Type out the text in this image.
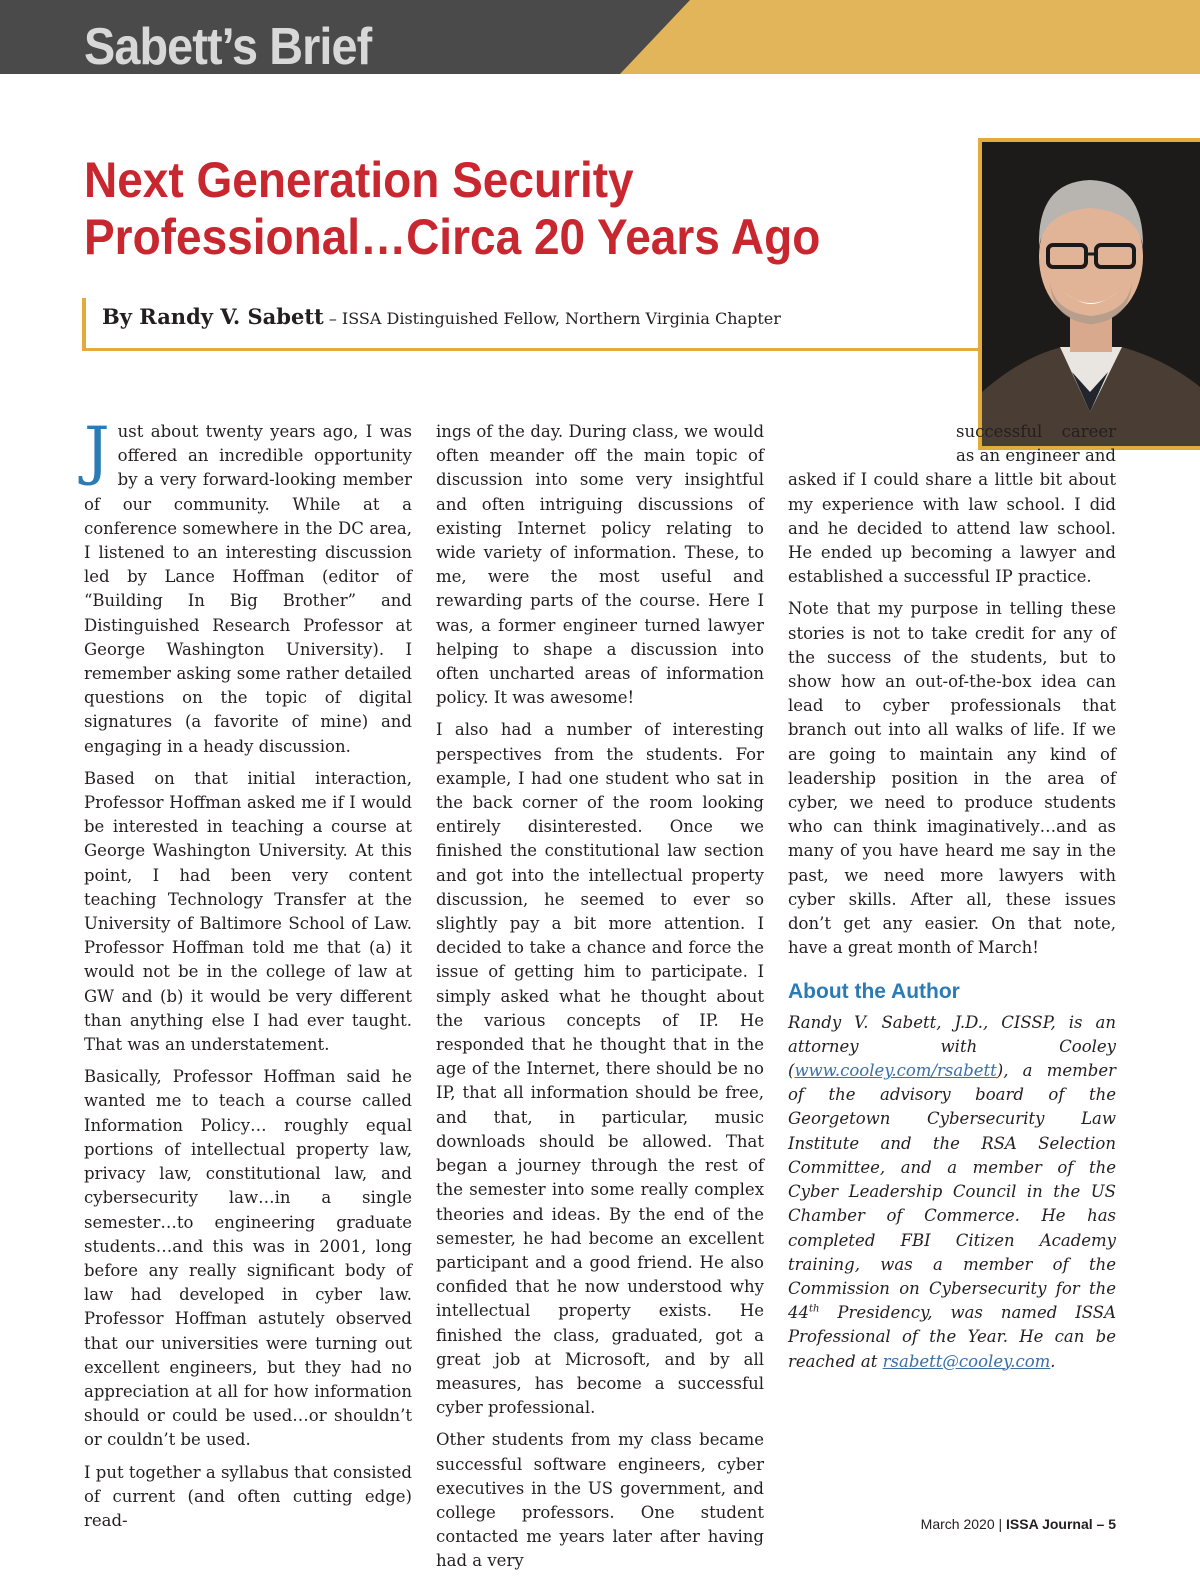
Sabett’s Brief
Next Generation Security
Professional…Circa 20 Years Ago

By Randy V. Sabett – ISSA Distinguished Fellow, Northern Virginia Chapter

Just about twenty years ago, I was offered an incredible opportunity by a very forward-looking member of our community. While at a conference somewhere in the DC area, I listened to an interesting discussion led by Lance Hoffman (editor of “Building In Big Brother” and Distinguished Research Professor at George Washington University). I remember asking some rather detailed questions on the topic of digital signatures (a favorite of mine) and engaging in a heady discussion.

Based on that initial interaction, Professor Hoffman asked me if I would be interested in teaching a course at George Washington University. At this point, I had been very content teaching Technology Transfer at the University of Baltimore School of Law. Professor Hoffman told me that (a) it would not be in the college of law at GW and (b) it would be very different than anything else I had ever taught. That was an understatement.

Basically, Professor Hoffman said he wanted me to teach a course called Information Policy… roughly equal portions of intellectual property law, privacy law, constitutional law, and cybersecurity law…in a single semester…to engineering graduate students…and this was in 2001, long before any really significant body of law had developed in cyber law. Professor Hoffman astutely observed that our universities were turning out excellent engineers, but they had no appreciation at all for how information should or could be used…or shouldn’t or couldn’t be used.

I put together a syllabus that consisted of current (and often cutting edge) read-

ings of the day. During class, we would often meander off the main topic of discussion into some very insightful and often intriguing discussions of existing Internet policy relating to wide variety of information. These, to me, were the most useful and rewarding parts of the course. Here I was, a former engineer turned lawyer helping to shape a discussion into often uncharted areas of information policy. It was awesome!

I also had a number of interesting perspectives from the students. For example, I had one student who sat in the back corner of the room looking entirely disinterested. Once we finished the constitutional law section and got into the intellectual property discussion, he seemed to ever so slightly pay a bit more attention. I decided to take a chance and force the issue of getting him to participate. I simply asked what he thought about the various concepts of IP. He responded that he thought that in the age of the Internet, there should be no IP, that all information should be free, and that, in particular, music downloads should be allowed. That began a journey through the rest of the semester into some really complex theories and ideas. By the end of the semester, he had become an excellent participant and a good friend. He also confided that he now understood why intellectual property exists. He finished the class, graduated, got a great job at Microsoft, and by all measures, has become a successful cyber professional.

Other students from my class became successful software engineers, cyber executives in the US government, and college professors. One student contacted me years later after having had a very

successful career as an engineer and asked if I could share a little bit about my experience with law school. I did and he decided to attend law school. He ended up becoming a lawyer and established a successful IP practice.

Note that my purpose in telling these stories is not to take credit for any of the success of the students, but to show how an out-of-the-box idea can lead to cyber professionals that branch out into all walks of life. If we are going to maintain any kind of leadership position in the area of cyber, we need to produce students who can think imaginatively…and as many of you have heard me say in the past, we need more lawyers with cyber skills. After all, these issues don’t get any easier. On that note, have a great month of March!

About the Author

Randy V. Sabett, J.D., CISSP, is an attorney with Cooley (www.cooley.com/rsabett), a member of the advisory board of the Georgetown Cybersecurity Law Institute and the RSA Selection Committee, and a member of the Cyber Leadership Council in the US Chamber of Commerce. He has completed FBI Citizen Academy training, was a member of the Commission on Cybersecurity for the 44th Presidency, was named ISSA Professional of the Year. He can be reached at rsabett@cooley.com.

March 2020 | ISSA Journal – 5
